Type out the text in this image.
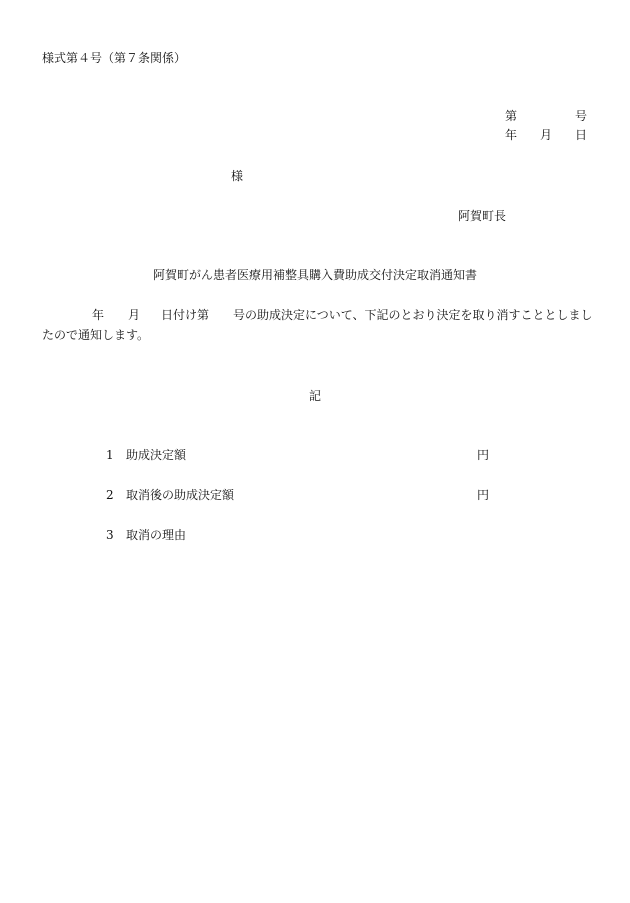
様式第４号（第７条関係）
第	号
年 月 日
様
阿賀町長
阿賀町がん患者医療用補整具購入費助成交付決定取消通知書
年 月 日付け第 号の助成決定について、下記のとおり決定を取り消すこととしまし
たので通知します。
記
1 助成決定額	円
2 取消後の助成決定額	円
3 取消の理由
